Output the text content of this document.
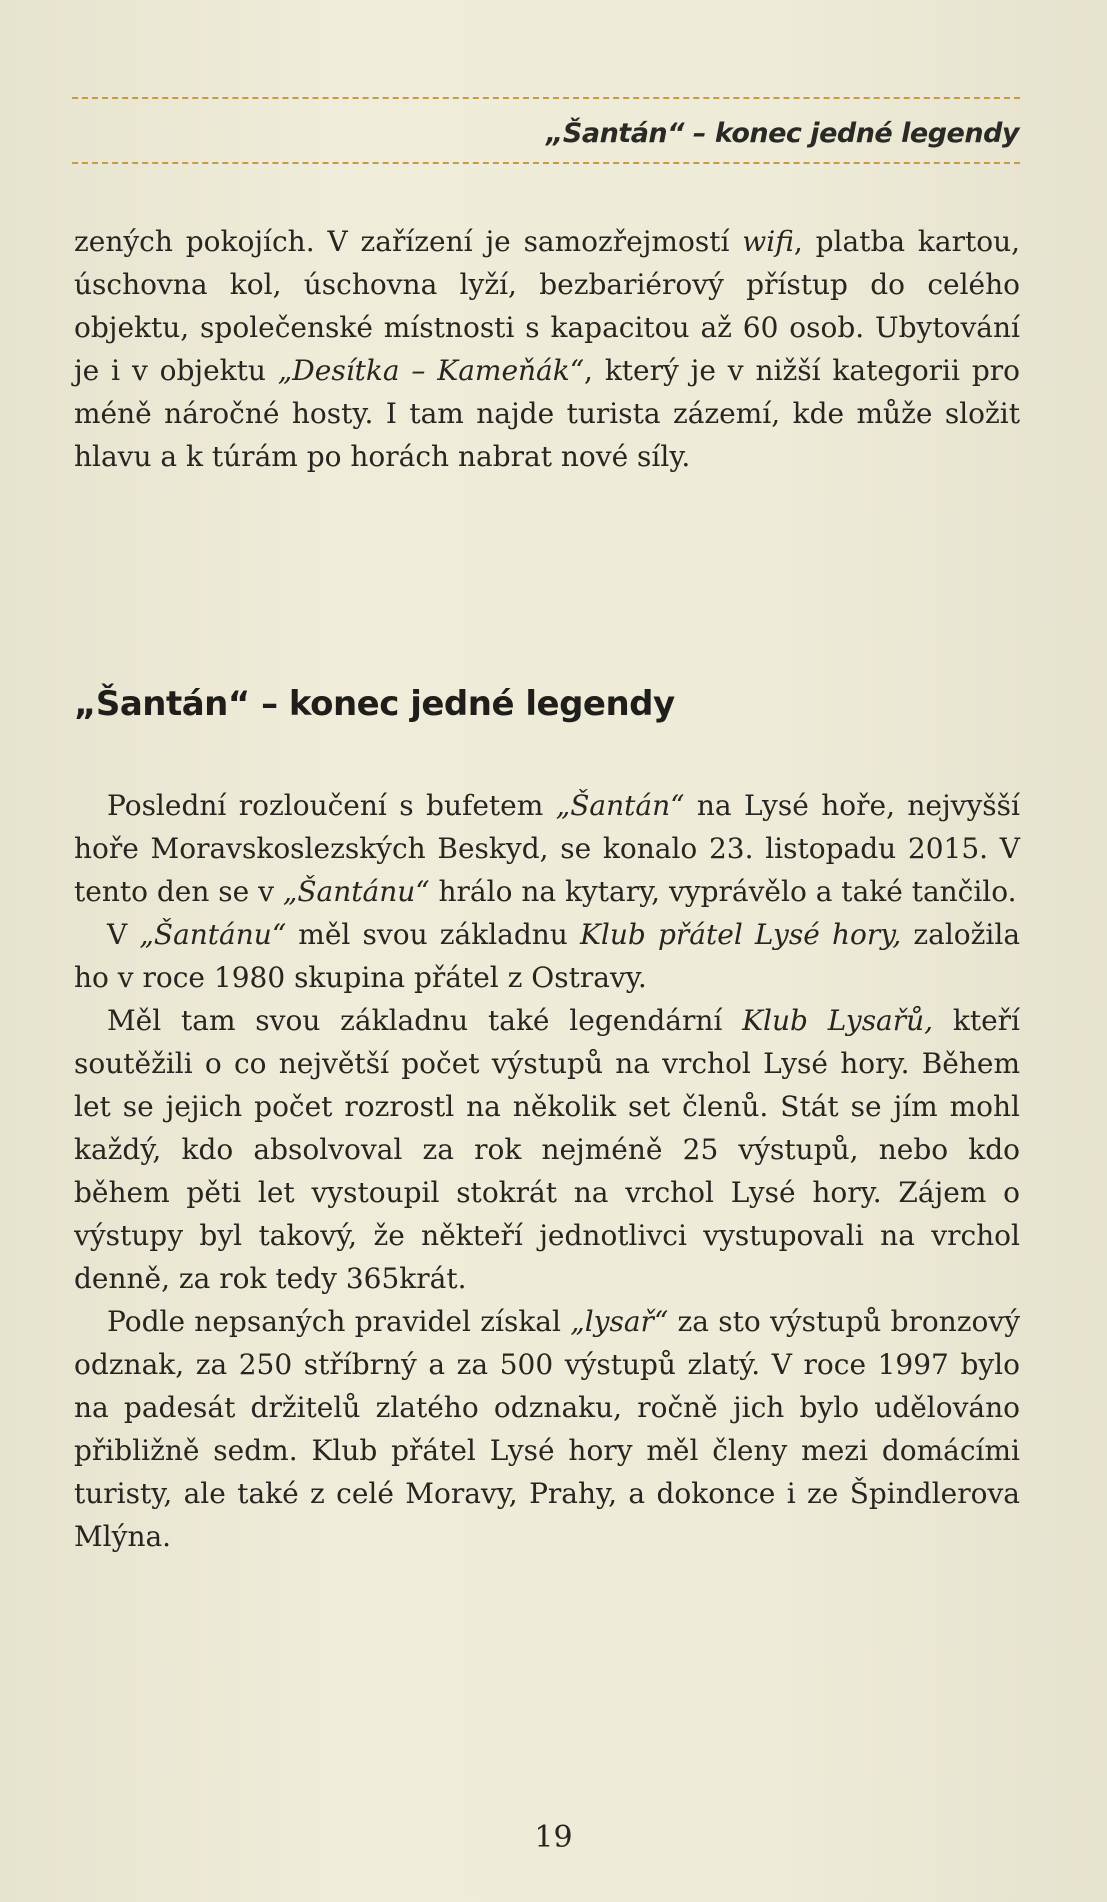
„Šantán“ – konec jedné legendy

zených pokojích. V zařízení je samozřejmostí wifi, platba kartou, úschovna kol, úschovna lyží, bezbariérový přístup do celého objektu, společenské místnosti s kapacitou až 60 osob. Ubytování je i v objektu „Desítka – Kameňák“, který je v nižší kategorii pro méně náročné hosty. I tam najde turista zázemí, kde může složit hlavu a k túrám po horách nabrat nové síly.

„Šantán“ – konec jedné legendy

Poslední rozloučení s bufetem „Šantán“ na Lysé hoře, nejvyšší hoře Moravskoslezských Beskyd, se konalo 23. listopadu 2015. V tento den se v „Šantánu“ hrálo na kytary, vyprávělo a také tančilo.

V „Šantánu“ měl svou základnu Klub přátel Lysé hory, založila ho v roce 1980 skupina přátel z Ostravy.

Měl tam svou základnu také legendární Klub Lysařů, kteří soutěžili o co největší počet výstupů na vrchol Lysé hory. Během let se jejich počet rozrostl na několik set členů. Stát se jím mohl každý, kdo absolvoval za rok nejméně 25 výstupů, nebo kdo během pěti let vystoupil stokrát na vrchol Lysé hory. Zájem o výstupy byl takový, že někteří jednotlivci vystupovali na vrchol denně, za rok tedy 365krát.

Podle nepsaných pravidel získal „lysař“ za sto výstupů bronzový odznak, za 250 stříbrný a za 500 výstupů zlatý. V roce 1997 bylo na padesát držitelů zlatého odznaku, ročně jich bylo udělováno přibližně sedm. Klub přátel Lysé hory měl členy mezi domácími turisty, ale také z celé Moravy, Prahy, a dokonce i ze Špindlerova Mlýna.

19
